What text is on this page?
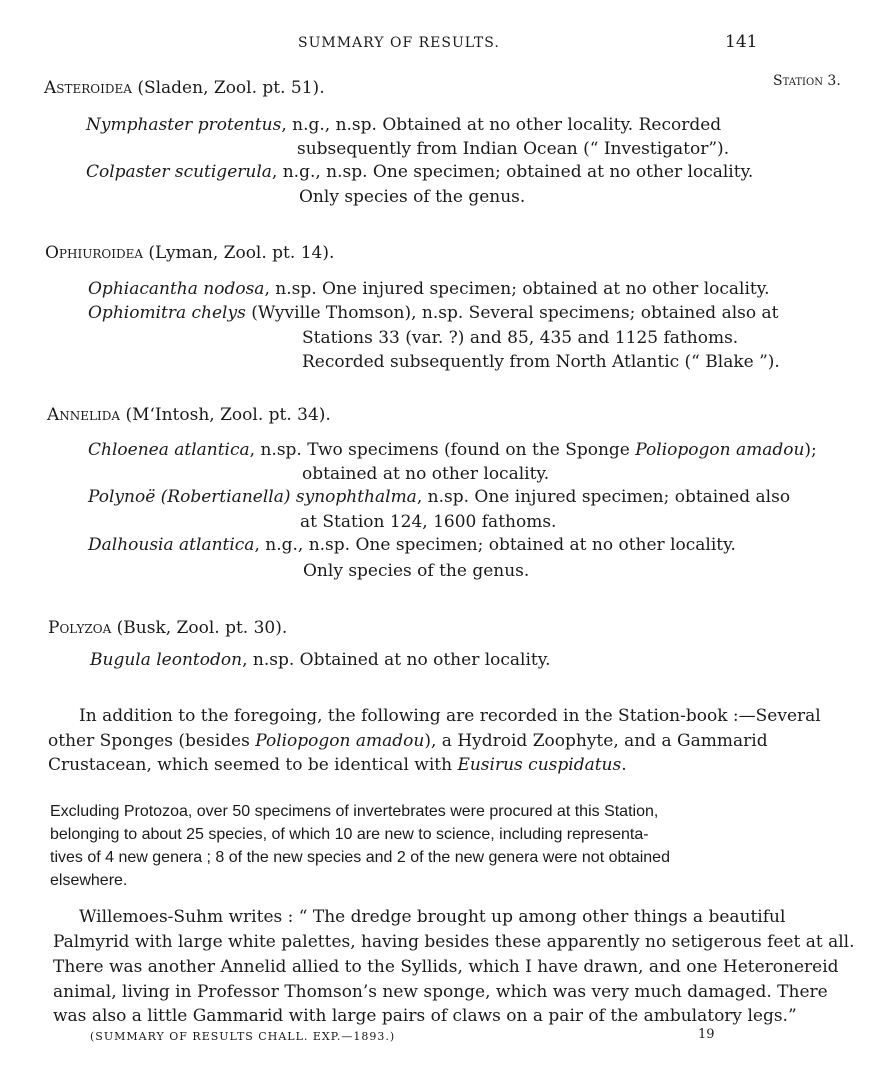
SUMMARY OF RESULTS.	141
Station 3.
Asteroidea (Sladen, Zool. pt. 51).
Nymphaster protentus, n.g., n.sp. Obtained at no other locality. Recorded
subsequently from Indian Ocean (“ Investigator”).
Colpaster scutigerula, n.g., n.sp. One specimen; obtained at no other locality.
Only species of the genus.
Ophiuroidea (Lyman, Zool. pt. 14).
Ophiacantha nodosa, n.sp. One injured specimen; obtained at no other locality.
Ophiomitra chelys (Wyville Thomson), n.sp. Several specimens; obtained also at
Stations 33 (var. ?) and 85, 435 and 1125 fathoms.
Recorded subsequently from North Atlantic (“ Blake ”).
Annelida (M‘Intosh, Zool. pt. 34).
Chloenea atlantica, n.sp. Two specimens (found on the Sponge Poliopogon amadou);
obtained at no other locality.
Polynoë (Robertianella) synophthalma, n.sp. One injured specimen; obtained also
at Station 124, 1600 fathoms.
Dalhousia atlantica, n.g., n.sp. One specimen; obtained at no other locality.
Only species of the genus.
Polyzoa (Busk, Zool. pt. 30).
Bugula leontodon, n.sp. Obtained at no other locality.
In addition to the foregoing, the following are recorded in the Station-book :—Several
other Sponges (besides Poliopogon amadou), a Hydroid Zoophyte, and a Gammarid
Crustacean, which seemed to be identical with Eusirus cuspidatus.
Excluding Protozoa, over 50 specimens of invertebrates were procured at this Station,
belonging to about 25 species, of which 10 are new to science, including representa-
tives of 4 new genera ; 8 of the new species and 2 of the new genera were not obtained
elsewhere.
Willemoes-Suhm writes : “ The dredge brought up among other things a beautiful
Palmyrid with large white palettes, having besides these apparently no setigerous feet at all.
There was another Annelid allied to the Syllids, which I have drawn, and one Heteronereid
animal, living in Professor Thomson’s new sponge, which was very much damaged. There
was also a little Gammarid with large pairs of claws on a pair of the ambulatory legs.”
(SUMMARY OF RESULTS CHALL. EXP.—1893.)	19
